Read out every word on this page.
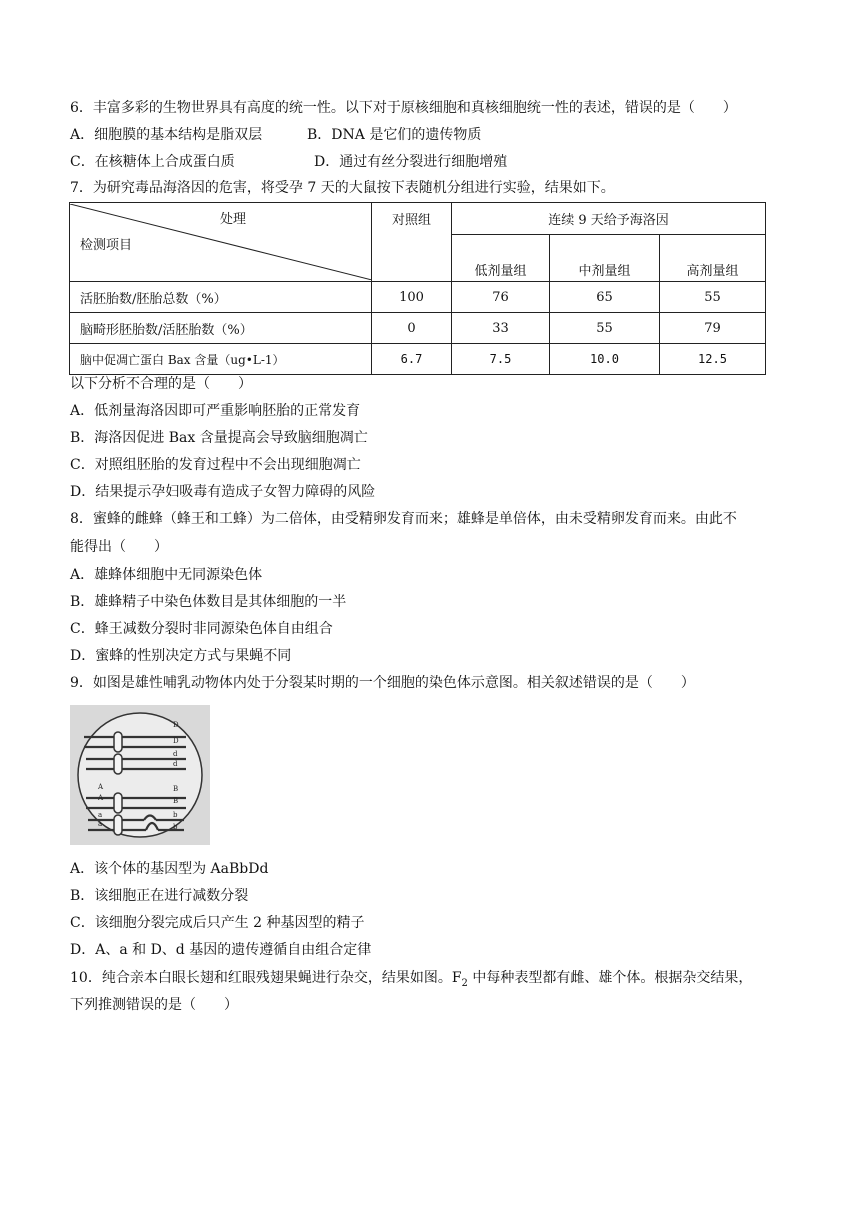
6．丰富多彩的生物世界具有高度的统一性。以下对于原核细胞和真核细胞统一性的表述，错误的是（　　）
A．细胞膜的基本结构是脂双层	B．DNA 是它们的遗传物质
C．在核糖体上合成蛋白质	D．通过有丝分裂进行细胞增殖
7．为研究毒品海洛因的危害，将受孕 7 天的大鼠按下表随机分组进行实验，结果如下。
处理
检测项目	对照组	连续 9 天给予海洛因		
		低剂量组	中剂量组	高剂量组
活胚胎数/胚胎总数（%）	100	76	65	55
脑畸形胚胎数/活胚胎数（%）	0	33	55	79
脑中促凋亡蛋白 Bax 含量（ug•L-1）	6.7	7.5	10.0	12.5
以下分析不合理的是（　　）
A．低剂量海洛因即可严重影响胚胎的正常发育
B．海洛因促进 Bax 含量提高会导致脑细胞凋亡
C．对照组胚胎的发育过程中不会出现细胞凋亡
D．结果提示孕妇吸毒有造成子女智力障碍的风险
8．蜜蜂的雌蜂（蜂王和工蜂）为二倍体，由受精卵发育而来；雄蜂是单倍体，由未受精卵发育而来。由此不
能得出（　　）
A．雄蜂体细胞中无同源染色体
B．雄蜂精子中染色体数目是其体细胞的一半
C．蜂王减数分裂时非同源染色体自由组合
D．蜜蜂的性别决定方式与果蝇不同
9．如图是雄性哺乳动物体内处于分裂某时期的一个细胞的染色体示意图。相关叙述错误的是（　　）
D
D
d
d
A
A
a
a
B
B
b
b
A．该个体的基因型为 AaBbDd
B．该细胞正在进行减数分裂
C．该细胞分裂完成后只产生 2 种基因型的精子
D．A、a 和 D、d 基因的遗传遵循自由组合定律
10．纯合亲本白眼长翅和红眼残翅果蝇进行杂交，结果如图。$F_2$ 中每种表型都有雌、雄个体。根据杂交结果，
下列推测错误的是（　　）
